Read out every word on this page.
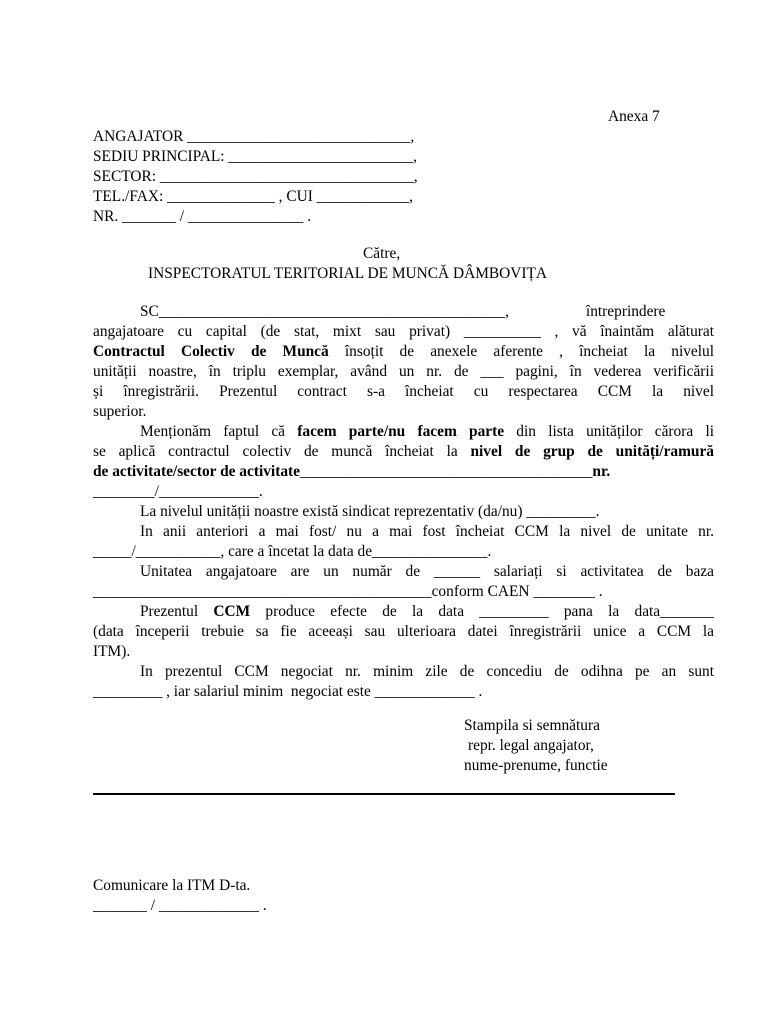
Anexa 7
ANGAJATOR _____________________________,
SEDIU PRINCIPAL: ________________________,
SECTOR: _________________________________,
TEL./FAX: ______________ , CUI ____________,
NR. _______ / _______________ .
Către,
INSPECTORATUL TERITORIAL DE MUNCĂ DÂMBOVIȚA
SC_____________________________________________,                    întreprindere
angajatoare cu capital (de stat, mixt sau privat) __________ , vă înaintăm alăturat
Contractul Colectiv de Muncă însoțit de anexele aferente , încheiat la nivelul
unității noastre, în triplu exemplar, având un nr. de ___ pagini, în vederea verificării
și înregistrării. Prezentul contract s-a încheiat cu respectarea CCM la nivel
superior.
Menționăm faptul că facem parte/nu facem parte din lista unităților cărora li
se aplică contractul colectiv de muncă încheiat la nivel de grup de unități/ramură
de activitate/sector de activitate______________________________________nr.
________/_____________.
La nivelul unității noastre există sindicat reprezentativ (da/nu) _________.
In anii anteriori a mai fost/ nu a mai fost încheiat CCM la nivel de unitate nr.
_____/___________, care a încetat la data de_______________.
Unitatea angajatoare are un număr de ______ salariați si activitatea de baza
____________________________________________conform CAEN ________ .
Prezentul CCM produce efecte de la data _________ pana la data_______
(data începerii trebuie sa fie aceeași sau ulterioara datei înregistrării unice a CCM la
ITM).
In prezentul CCM negociat nr. minim zile de concediu de odihna pe an sunt
_________ , iar salariul minim  negociat este _____________ .
Stampila si semnătura
repr. legal angajator,
nume-prenume, functie
Comunicare la ITM D-ta.
_______ / _____________ .
